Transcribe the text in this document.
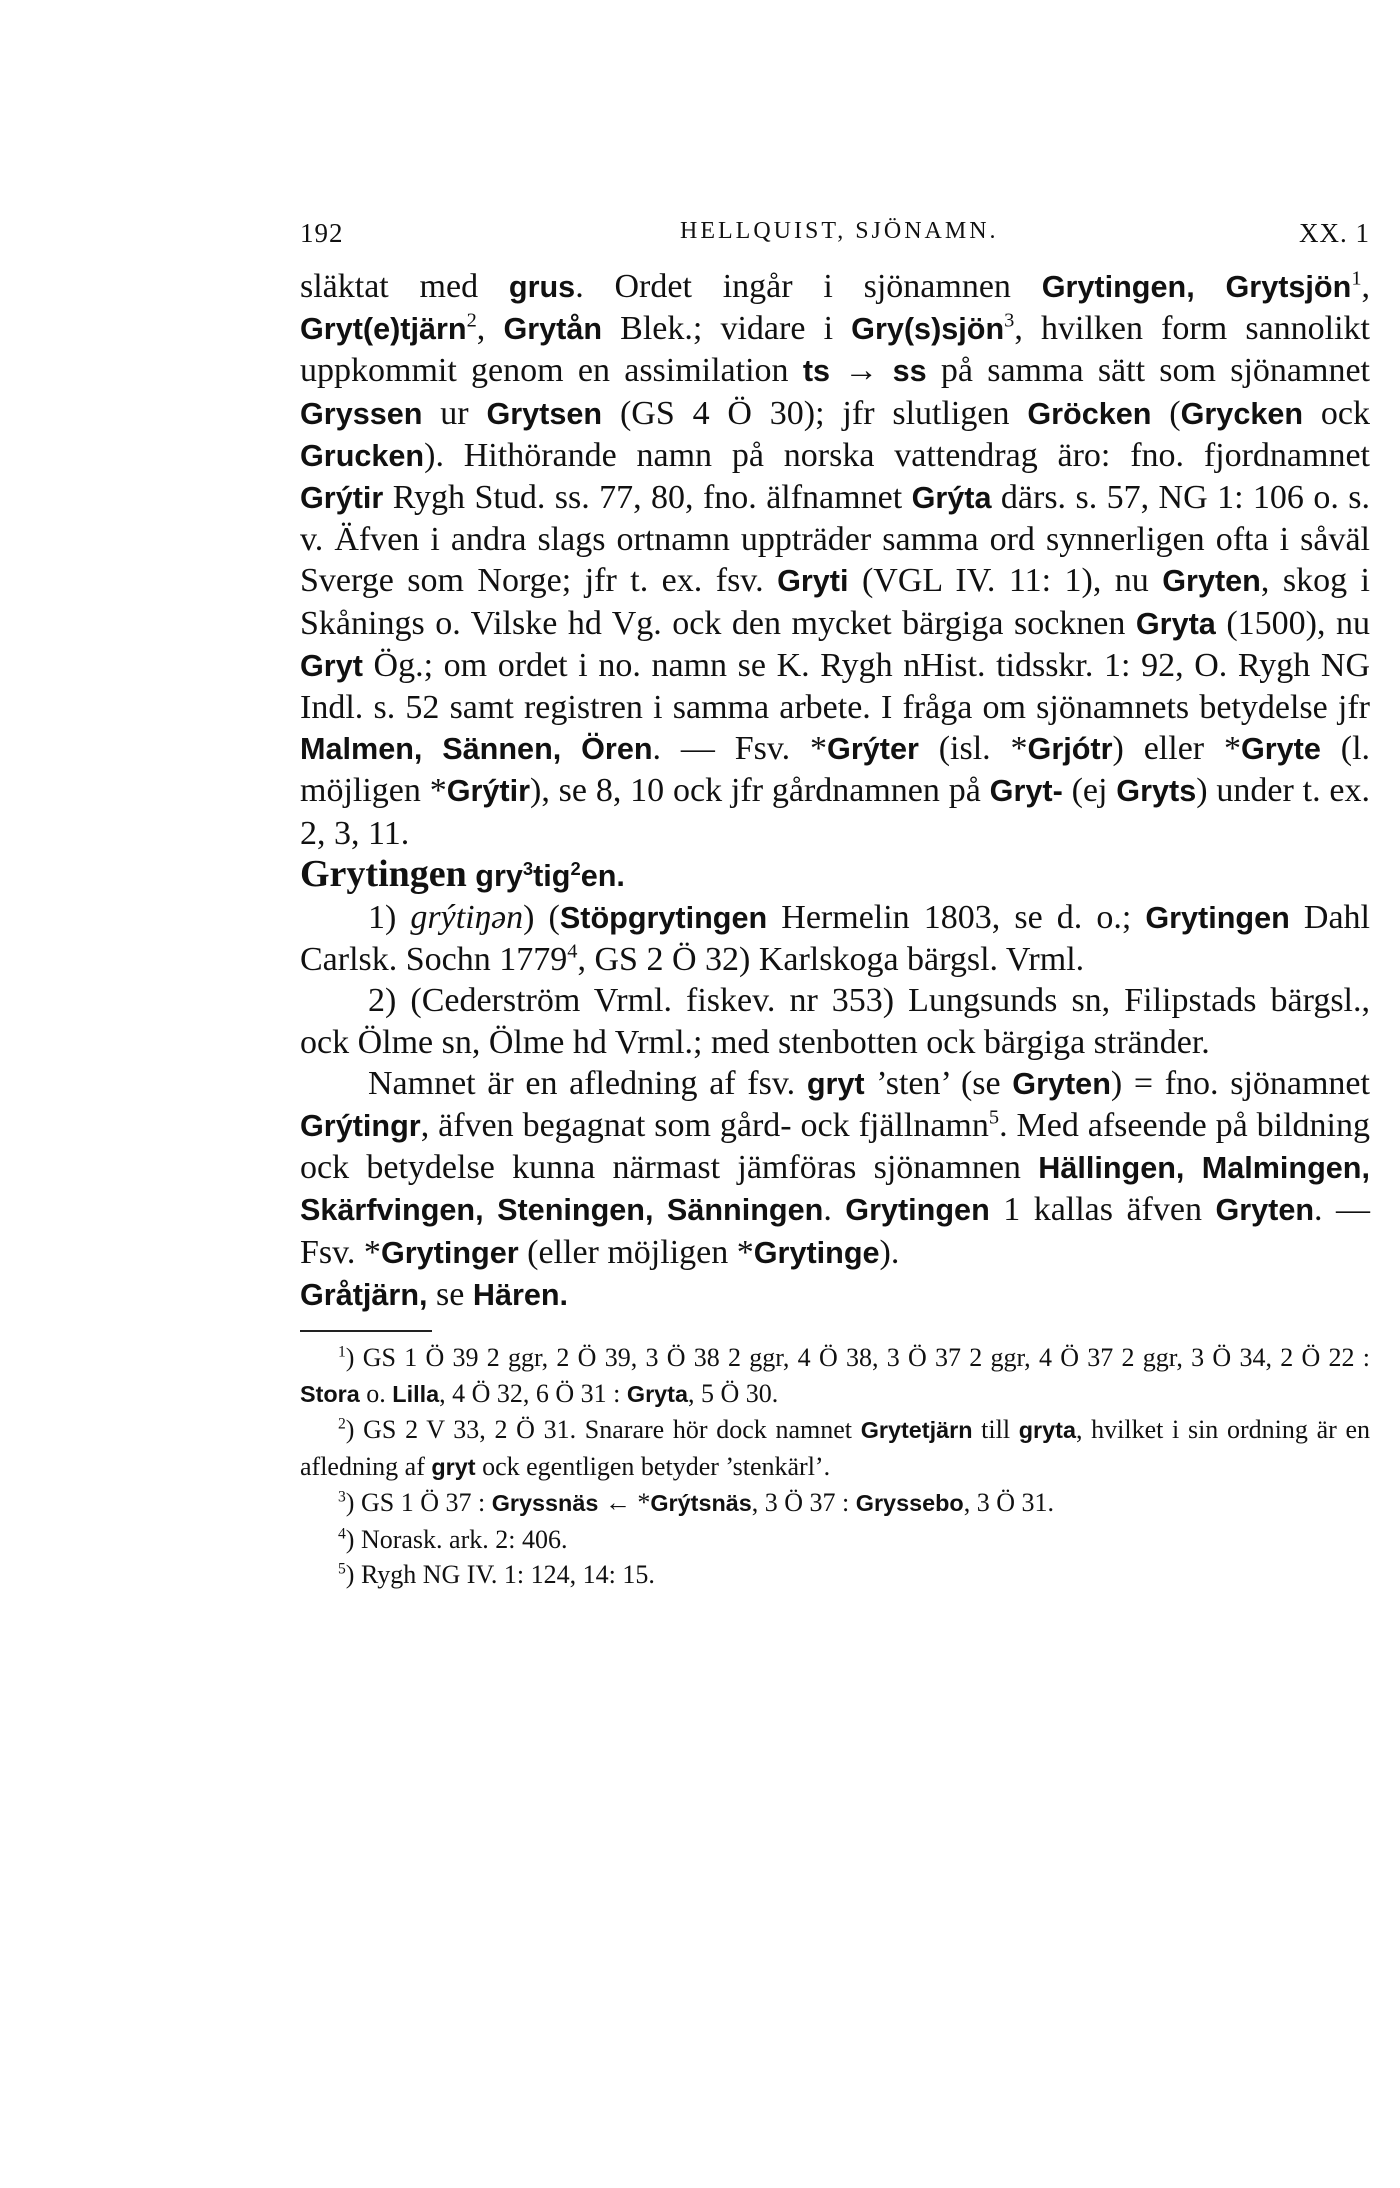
192	HELLQUIST, SJÖNAMN.	XX. 1

släktat med grus. Ordet ingår i sjönamnen Grytingen, Grytsjön$^1$, Gryt(e)tjärn$^2$, Grytån Blek.; vidare i Gry(s)sjön$^3$, hvilken form sannolikt uppkommit genom en assimilation ts → ss på samma sätt som sjönamnet Gryssen ur Grytsen (GS 4 Ö 30); jfr slutligen Gröcken (Grycken ock Grucken). Hithörande namn på norska vattendrag äro: fno. fjordnamnet Grýtir Rygh Stud. ss. 77, 80, fno. älfnamnet Grýta därs. s. 57, NG 1: 106 o. s. v. Äfven i andra slags ortnamn uppträder samma ord synnerligen ofta i såväl Sverge som Norge; jfr t. ex. fsv. Gryti (VGL IV. 11: 1), nu Gryten, skog i Skånings o. Vilske hd Vg. ock den mycket bärgiga socknen Gryta (1500), nu Gryt Ög.; om ordet i no. namn se K. Rygh nHist. tidsskr. 1: 92, O. Rygh NG Indl. s. 52 samt registren i samma arbete. I fråga om sjönamnets betydelse jfr Malmen, Sännen, Ören. — Fsv. *Grýter (isl. *Grjótr) eller *Gryte (l. möjligen *Grýtir), se 8, 10 ock jfr gårdnamnen på Gryt- (ej Gryts) under t. ex. 2, 3, 11.

Grytingen gry$^3$tig$^2$en.

1) grýtiŋən) (Stöpgrytingen Hermelin 1803, se d. o.; Grytingen Dahl Carlsk. Sochn 1779$^4$, GS 2 Ö 32) Karlskoga bärgsl. Vrml.

2) (Cederström Vrml. fiskev. nr 353) Lungsunds sn, Filipstads bärgsl., ock Ölme sn, Ölme hd Vrml.; med stenbotten ock bärgiga stränder.

Namnet är en afledning af fsv. gryt ’sten’ (se Gryten) = fno. sjönamnet Grýtingr, äfven begagnat som gård- ock fjällnamn$^5$. Med afseende på bildning ock betydelse kunna närmast jämföras sjönamnen Hällingen, Malmingen, Skärfvingen, Steningen, Sänningen. Grytingen 1 kallas äfven Gryten. — Fsv. *Grytinger (eller möjligen *Grytinge).

Gråtjärn, se Hären.

$^1$) GS 1 Ö 39 2 ggr, 2 Ö 39, 3 Ö 38 2 ggr, 4 Ö 38, 3 Ö 37 2 ggr, 4 Ö 37 2 ggr, 3 Ö 34, 2 Ö 22 : Stora o. Lilla, 4 Ö 32, 6 Ö 31 : Gryta, 5 Ö 30.

$^2$) GS 2 V 33, 2 Ö 31. Snarare hör dock namnet Grytetjärn till gryta, hvilket i sin ordning är en afledning af gryt ock egentligen betyder ’stenkärl’.

$^3$) GS 1 Ö 37 : Gryssnäs ← *Grýtsnäs, 3 Ö 37 : Gryssebo, 3 Ö 31.

$^4$) Norask. ark. 2: 406.

$^5$) Rygh NG IV. 1: 124, 14: 15.
